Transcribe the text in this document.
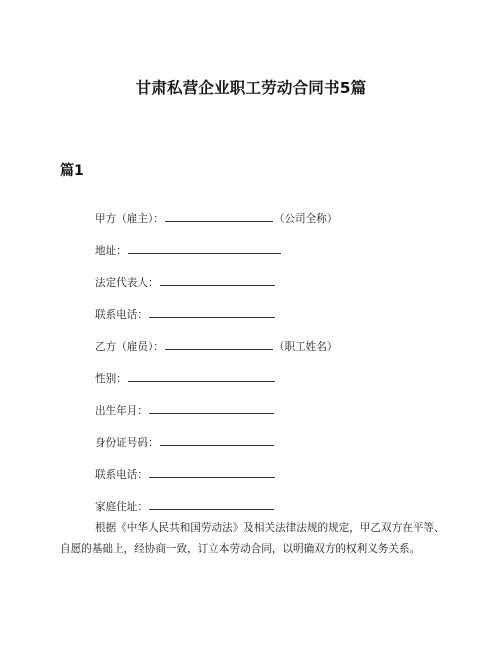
甘肃私营企业职工劳动合同书5篇
篇1
甲方（雇主）：	（公司全称）
地址：
法定代表人：
联系电话：
乙方（雇员）：	（职工姓名）
性别：
出生年月：
身份证号码：
联系电话：
家庭住址：

根据《中华人民共和国劳动法》及相关法律法规的规定，甲乙双方在平等、自愿的基础上，经协商一致，订立本劳动合同，以明确双方的权利义务关系。
